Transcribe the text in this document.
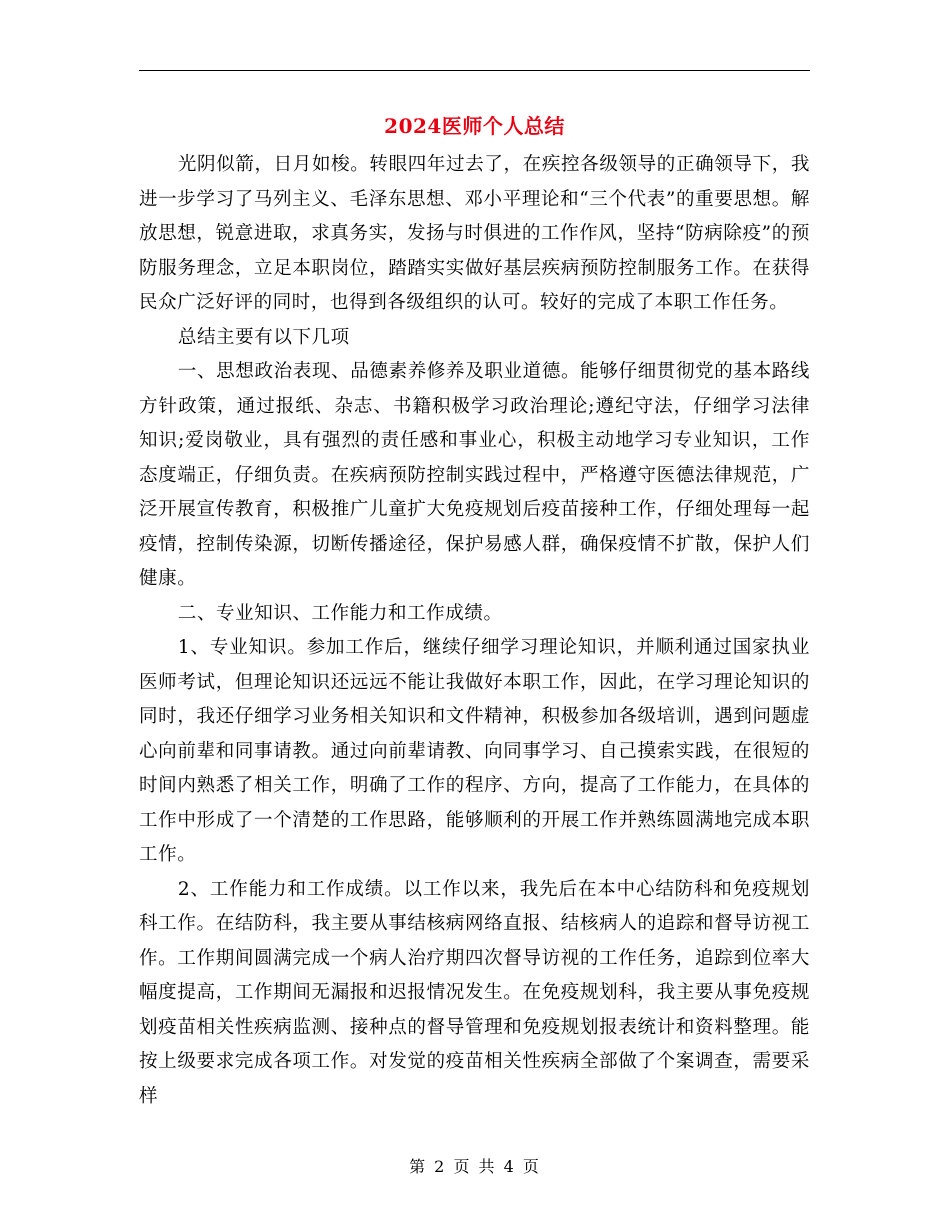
2024医师个人总结

光阴似箭，日月如梭。转眼四年过去了，在疾控各级领导的正确领导下，我进一步学习了马列主义、毛泽东思想、邓小平理论和“三个代表”的重要思想。解放思想，锐意进取，求真务实，发扬与时俱进的工作作风，坚持“防病除疫”的预防服务理念，立足本职岗位，踏踏实实做好基层疾病预防控制服务工作。在获得民众广泛好评的同时，也得到各级组织的认可。较好的完成了本职工作任务。

总结主要有以下几项

一、思想政治表现、品德素养修养及职业道德。能够仔细贯彻党的基本路线方针政策，通过报纸、杂志、书籍积极学习政治理论;遵纪守法，仔细学习法律知识;爱岗敬业，具有强烈的责任感和事业心，积极主动地学习专业知识，工作态度端正，仔细负责。在疾病预防控制实践过程中，严格遵守医德法律规范，广泛开展宣传教育，积极推广儿童扩大免疫规划后疫苗接种工作，仔细处理每一起疫情，控制传染源，切断传播途径，保护易感人群，确保疫情不扩散，保护人们健康。

二、专业知识、工作能力和工作成绩。

1、专业知识。参加工作后，继续仔细学习理论知识，并顺利通过国家执业医师考试，但理论知识还远远不能让我做好本职工作，因此，在学习理论知识的同时，我还仔细学习业务相关知识和文件精神，积极参加各级培训，遇到问题虚心向前辈和同事请教。通过向前辈请教、向同事学习、自己摸索实践，在很短的时间内熟悉了相关工作，明确了工作的程序、方向，提高了工作能力，在具体的工作中形成了一个清楚的工作思路，能够顺利的开展工作并熟练圆满地完成本职工作。

2、工作能力和工作成绩。以工作以来，我先后在本中心结防科和免疫规划科工作。在结防科，我主要从事结核病网络直报、结核病人的追踪和督导访视工作。工作期间圆满完成一个病人治疗期四次督导访视的工作任务，追踪到位率大幅度提高，工作期间无漏报和迟报情况发生。在免疫规划科，我主要从事免疫规划疫苗相关性疾病监测、接种点的督导管理和免疫规划报表统计和资料整理。能按上级要求完成各项工作。对发觉的疫苗相关性疾病全部做了个案调查，需要采样

第 2 页 共 4 页
